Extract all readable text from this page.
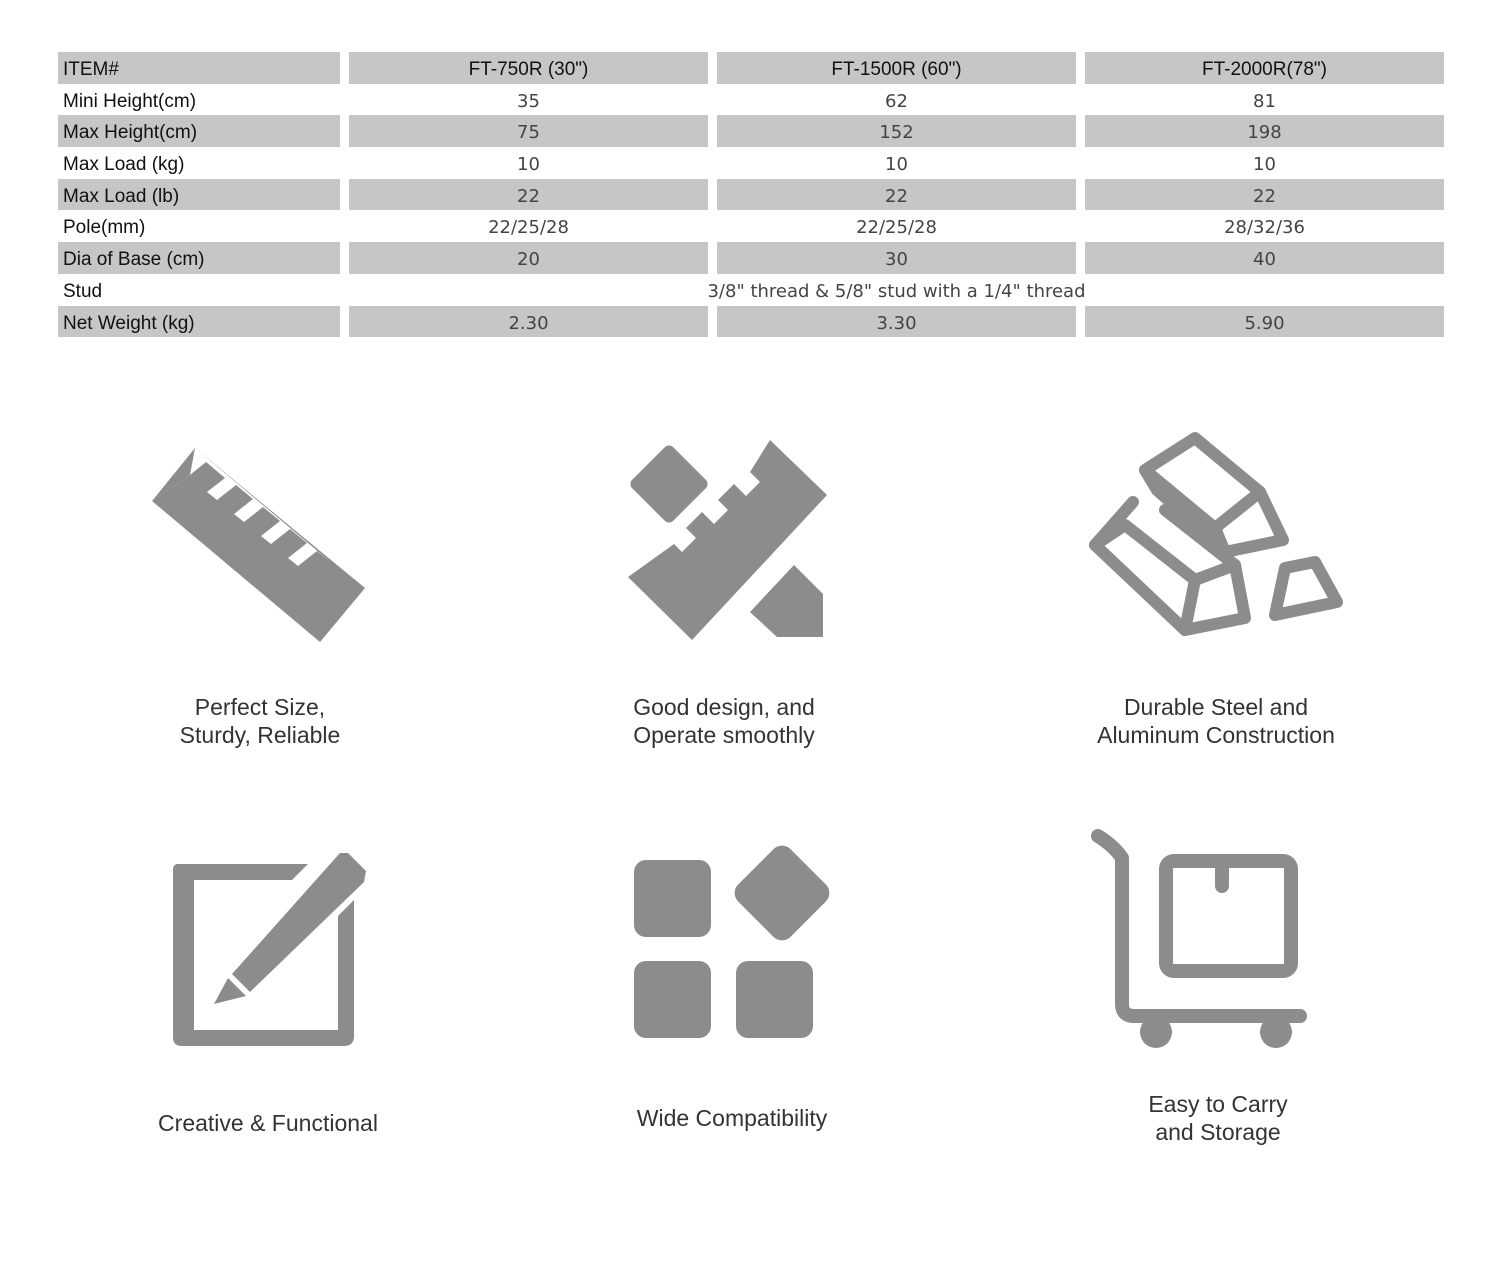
ITEM#	FT-750R (30")	FT-1500R (60")	FT-2000R(78")
Mini Height(cm)	35	62	81
Max Height(cm)	75	152	198
Max Load (kg)	10	10	10
Max Load (lb)	22	22	22
Pole(mm)	22/25/28	22/25/28	28/32/36
Dia of Base (cm)	20	30	40
Stud	3/8" thread & 5/8" stud with a 1/4" thread
Net Weight (kg)	2.30	3.30	5.90
Perfect Size,
Sturdy, Reliable
Good design, and
Operate smoothly
Durable Steel and
Aluminum Construction
Creative & Functional	Wide Compatibility
Easy to Carry
and Storage
